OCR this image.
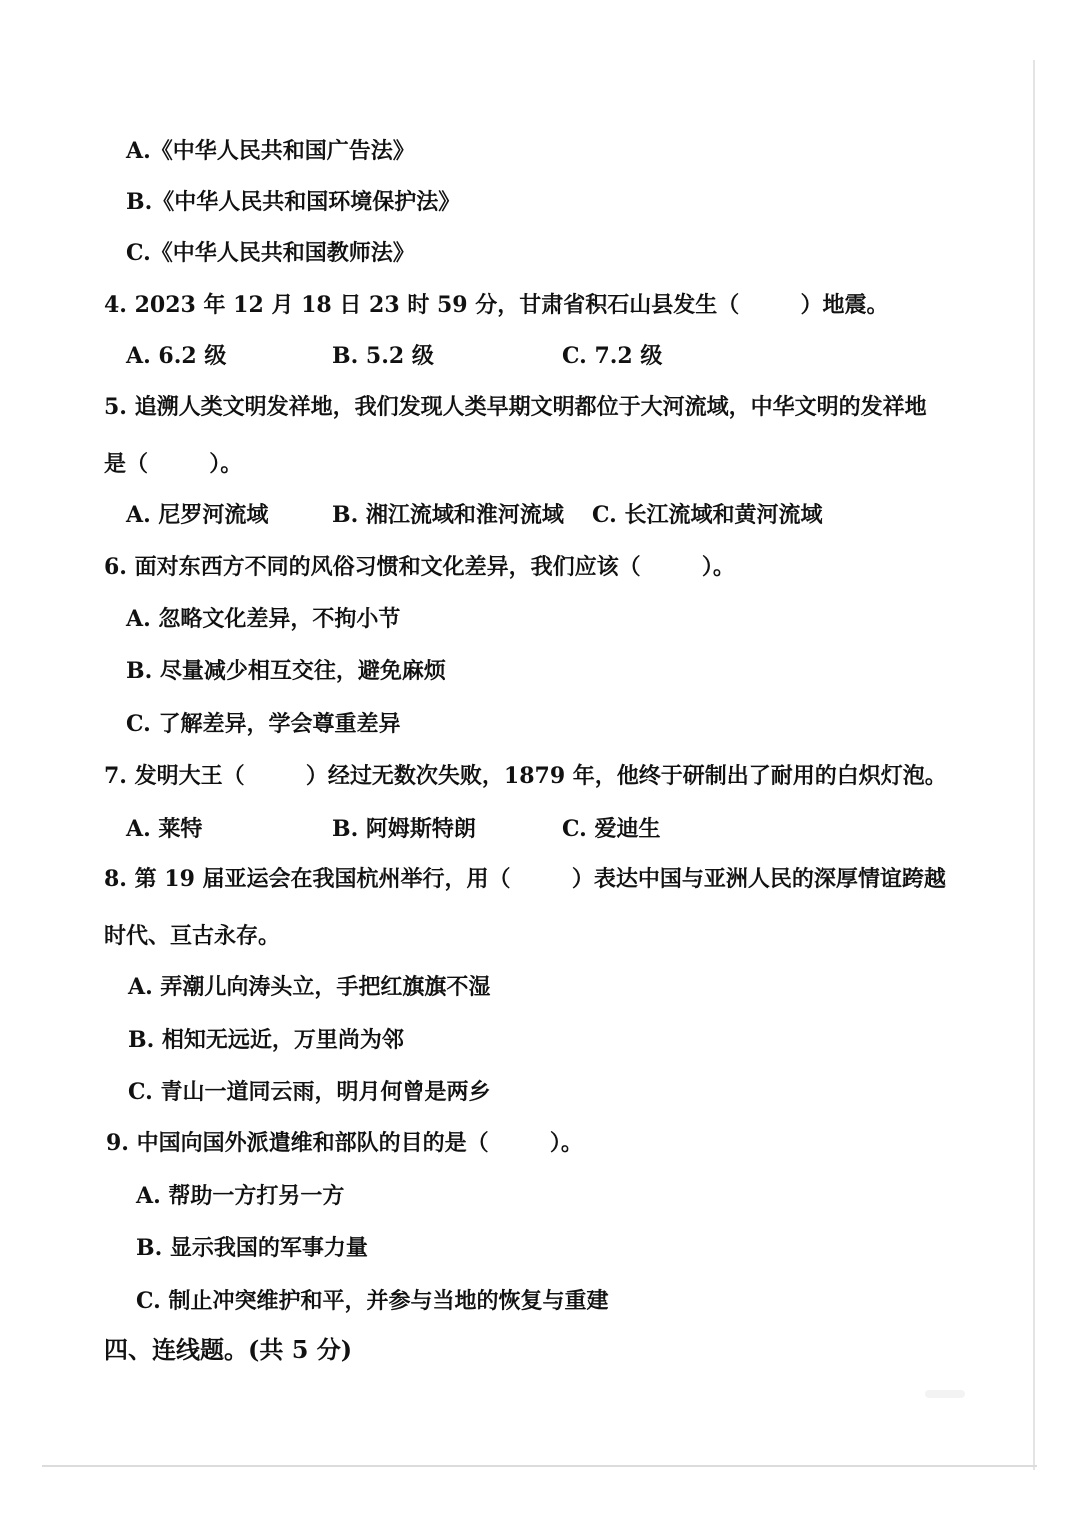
A.《中华人民共和国广告法》
B.《中华人民共和国环境保护法》
C.《中华人民共和国教师法》
4. 2023 年 12 月 18 日 23 时 59 分，甘肃省积石山县发生（        ）地震。
A. 6.2 级	B. 5.2 级	C. 7.2 级
5. 追溯人类文明发祥地，我们发现人类早期文明都位于大河流域，中华文明的发祥地
是（        ）。
A. 尼罗河流域	B. 湘江流域和淮河流域 C. 长江流域和黄河流域
6. 面对东西方不同的风俗习惯和文化差异，我们应该（        ）。
A. 忽略文化差异，不拘小节
B. 尽量减少相互交往，避免麻烦
C. 了解差异，学会尊重差异
7. 发明大王（        ）经过无数次失败，1879 年，他终于研制出了耐用的白炽灯泡。
A. 莱特	B. 阿姆斯特朗	C. 爱迪生
8. 第 19 届亚运会在我国杭州举行，用（        ）表达中国与亚洲人民的深厚情谊跨越
时代、亘古永存。
A. 弄潮儿向涛头立，手把红旗旗不湿
B. 相知无远近，万里尚为邻
C. 青山一道同云雨，明月何曾是两乡
9. 中国向国外派遣维和部队的目的是（        ）。
A. 帮助一方打另一方
B. 显示我国的军事力量
C. 制止冲突维护和平，并参与当地的恢复与重建
四、连线题。(共 5 分)
